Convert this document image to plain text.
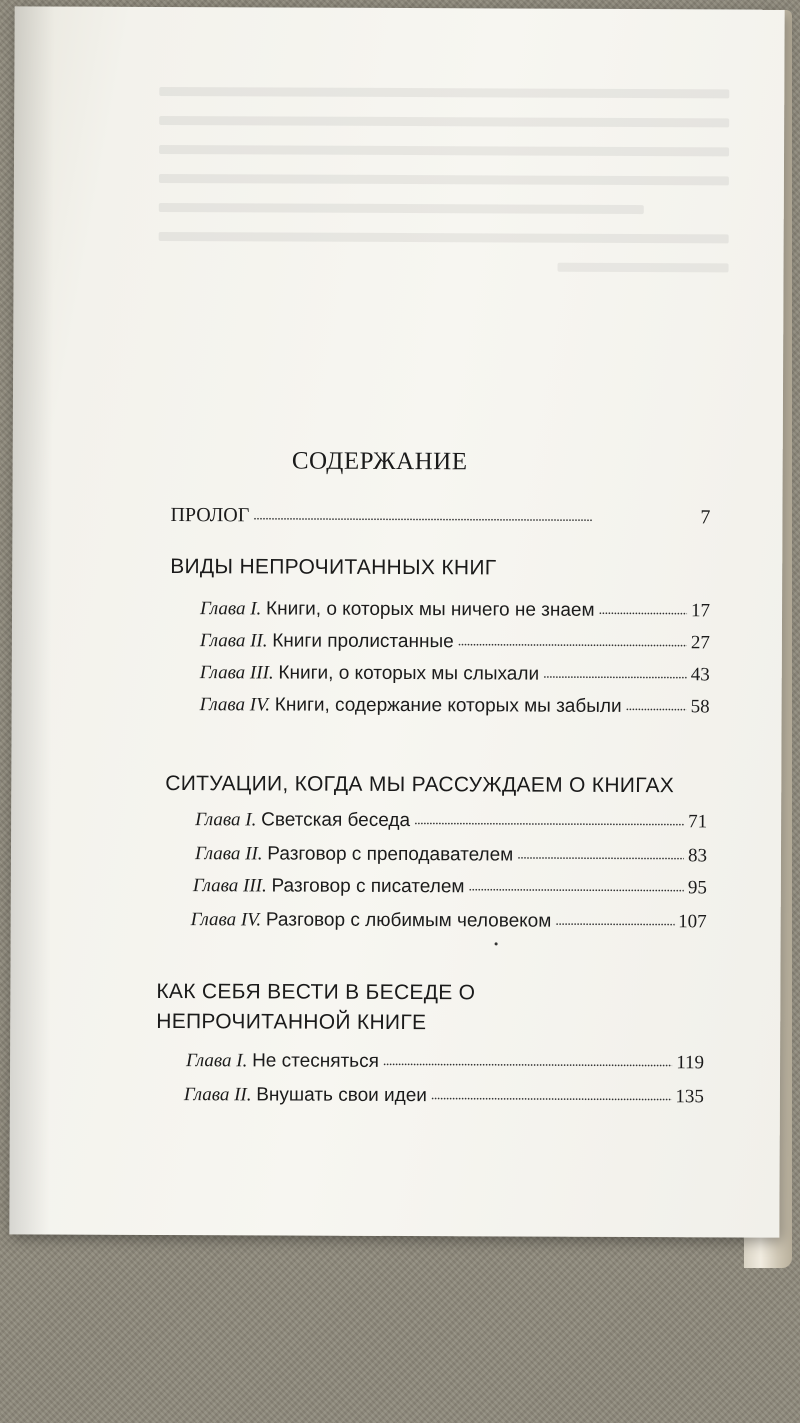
СОДЕРЖАНИЕ
ПРОЛОГ . . .	7
ВИДЫ НЕПРОЧИТАННЫХ КНИГ
Глава I. Книги, о которых мы ничего не знаем . . .	17
Глава II. Книги пролистанные . . .	27
Глава III. Книги, о которых мы слыхали . . .	43
Глава IV. Книги, содержание которых мы забыли . . .	58
СИТУАЦИИ, КОГДА МЫ РАССУЖДАЕМ О КНИГАХ
Глава I. Светская беседа . . .	71
Глава II. Разговор с преподавателем . . .	83
Глава III. Разговор с писателем . . .	95
Глава IV. Разговор с любимым человеком . . .	107
КАК СЕБЯ ВЕСТИ В БЕСЕДЕ О
НЕПРОЧИТАННОЙ КНИГЕ
Глава I. Не стесняться . . .	119
Глава II. Внушать свои идеи . . .	135
